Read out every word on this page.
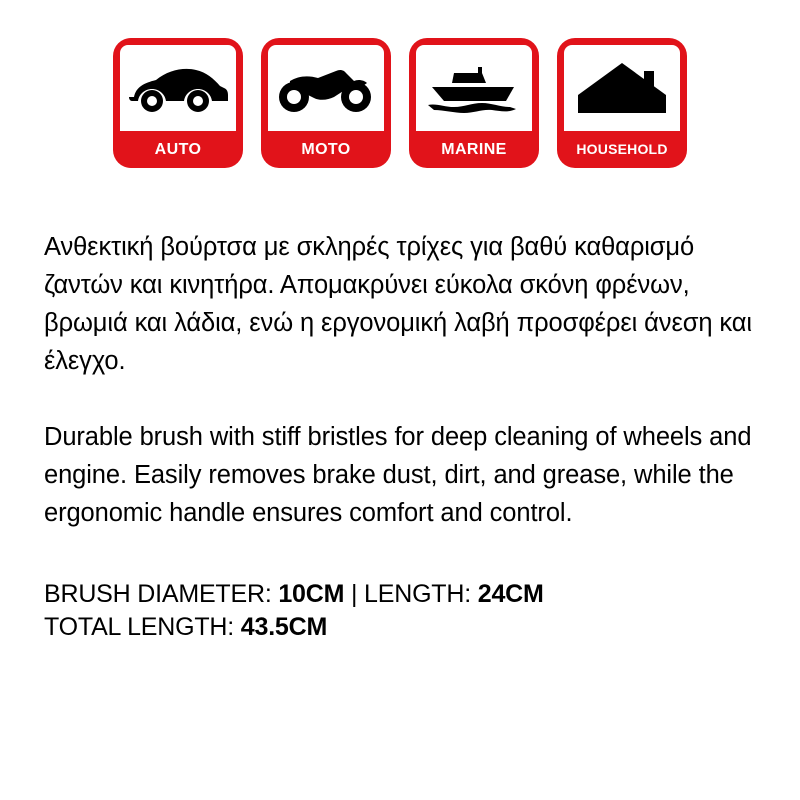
AUTO	MOTO	MARINE	HOUSEHOLD

Ανθεκτική βούρτσα με σκληρές τρίχες για βαθύ καθαρισμό ζαντών και κινητήρα. Απομακρύνει εύκολα σκόνη φρένων, βρωμιά και λάδια, ενώ η εργονομική λαβή προσφέρει άνεση και έλεγχο.

Durable brush with stiff bristles for deep cleaning of wheels and engine. Easily removes brake dust, dirt, and grease, while the ergonomic handle ensures comfort and control.

BRUSH DIAMETER: 10CM | LENGTH: 24CM
TOTAL LENGTH: 43.5CM
